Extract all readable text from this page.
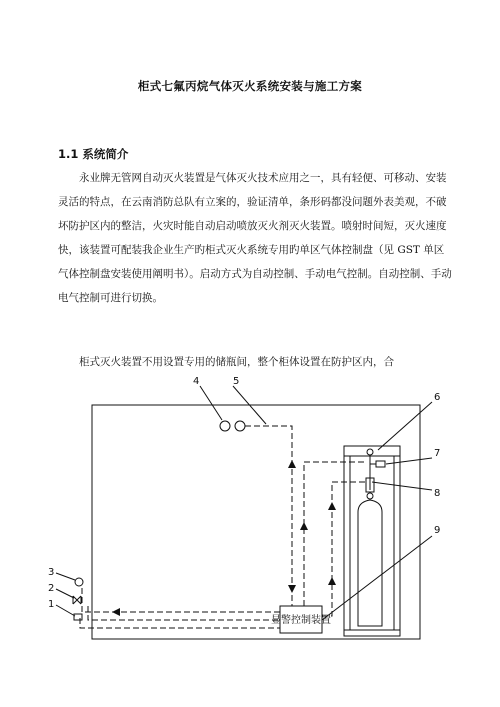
柜式七氟丙烷气体灭火系统安装与施工方案
1.1 系统简介

永业牌无管网自动灭火装置是气体灭火技术应用之一，具有轻便、可移动、安装灵活的特点，在云南消防总队有立案的，验证清单，条形码都没问题外表美观，不破坏防护区内的整洁，火灾时能自动启动喷放灭火剂灭火装置。喷射时间短，灭火速度快，该装置可配装我企业生产旳柜式灭火系统专用旳单区气体控制盘（见 GST 单区气体控制盘安装使用阐明书）。启动方式为自动控制、手动电气控制。自动控制、手动电气控制可进行切换。

柜式灭火装置不用设置专用的储瓶间，整个柜体设置在防护区内，合

显警控制装置
4	5
6
7
8
9
3
2
1
